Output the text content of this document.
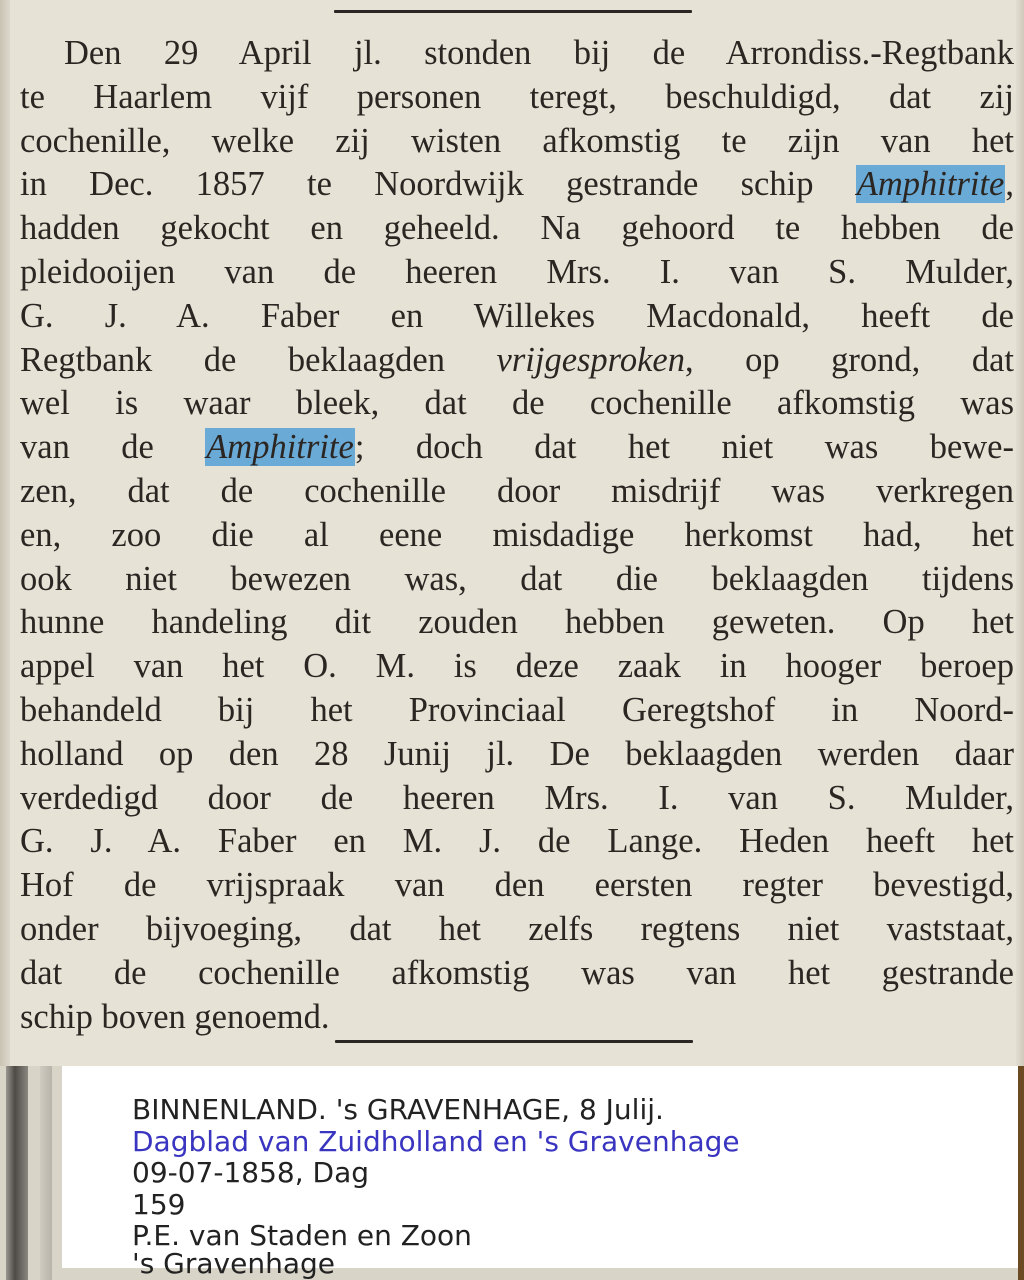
Den 29 April jl. stonden bij de Arrondiss.-Regtbank
te Haarlem vijf personen teregt, beschuldigd, dat zij
cochenille, welke zij wisten afkomstig te zijn van het
in Dec. 1857 te Noordwijk gestrande schip Amphitrite,
hadden gekocht en geheeld. Na gehoord te hebben de
pleidooijen van de heeren Mrs. I. van S. Mulder,
G. J. A. Faber en Willekes Macdonald, heeft de
Regtbank de beklaagden vrijgesproken, op grond, dat
wel is waar bleek, dat de cochenille afkomstig was
van de Amphitrite; doch dat het niet was bewe-
zen, dat de cochenille door misdrijf was verkregen
en, zoo die al eene misdadige herkomst had, het
ook niet bewezen was, dat die beklaagden tijdens
hunne handeling dit zouden hebben geweten. Op het
appel van het O. M. is deze zaak in hooger beroep
behandeld bij het Provinciaal Geregtshof in Noord-
holland op den 28 Junij jl. De beklaagden werden daar
verdedigd door de heeren Mrs. I. van S. Mulder,
G. J. A. Faber en M. J. de Lange. Heden heeft het
Hof de vrijspraak van den eersten regter bevestigd,
onder bijvoeging, dat het zelfs regtens niet vaststaat,
dat de cochenille afkomstig was van het gestrande
schip boven genoemd.
BINNENLAND. 's GRAVENHAGE, 8 Julij.
Dagblad van Zuidholland en 's Gravenhage
09-07-1858, Dag
159
P.E. van Staden en Zoon
's Gravenhage
